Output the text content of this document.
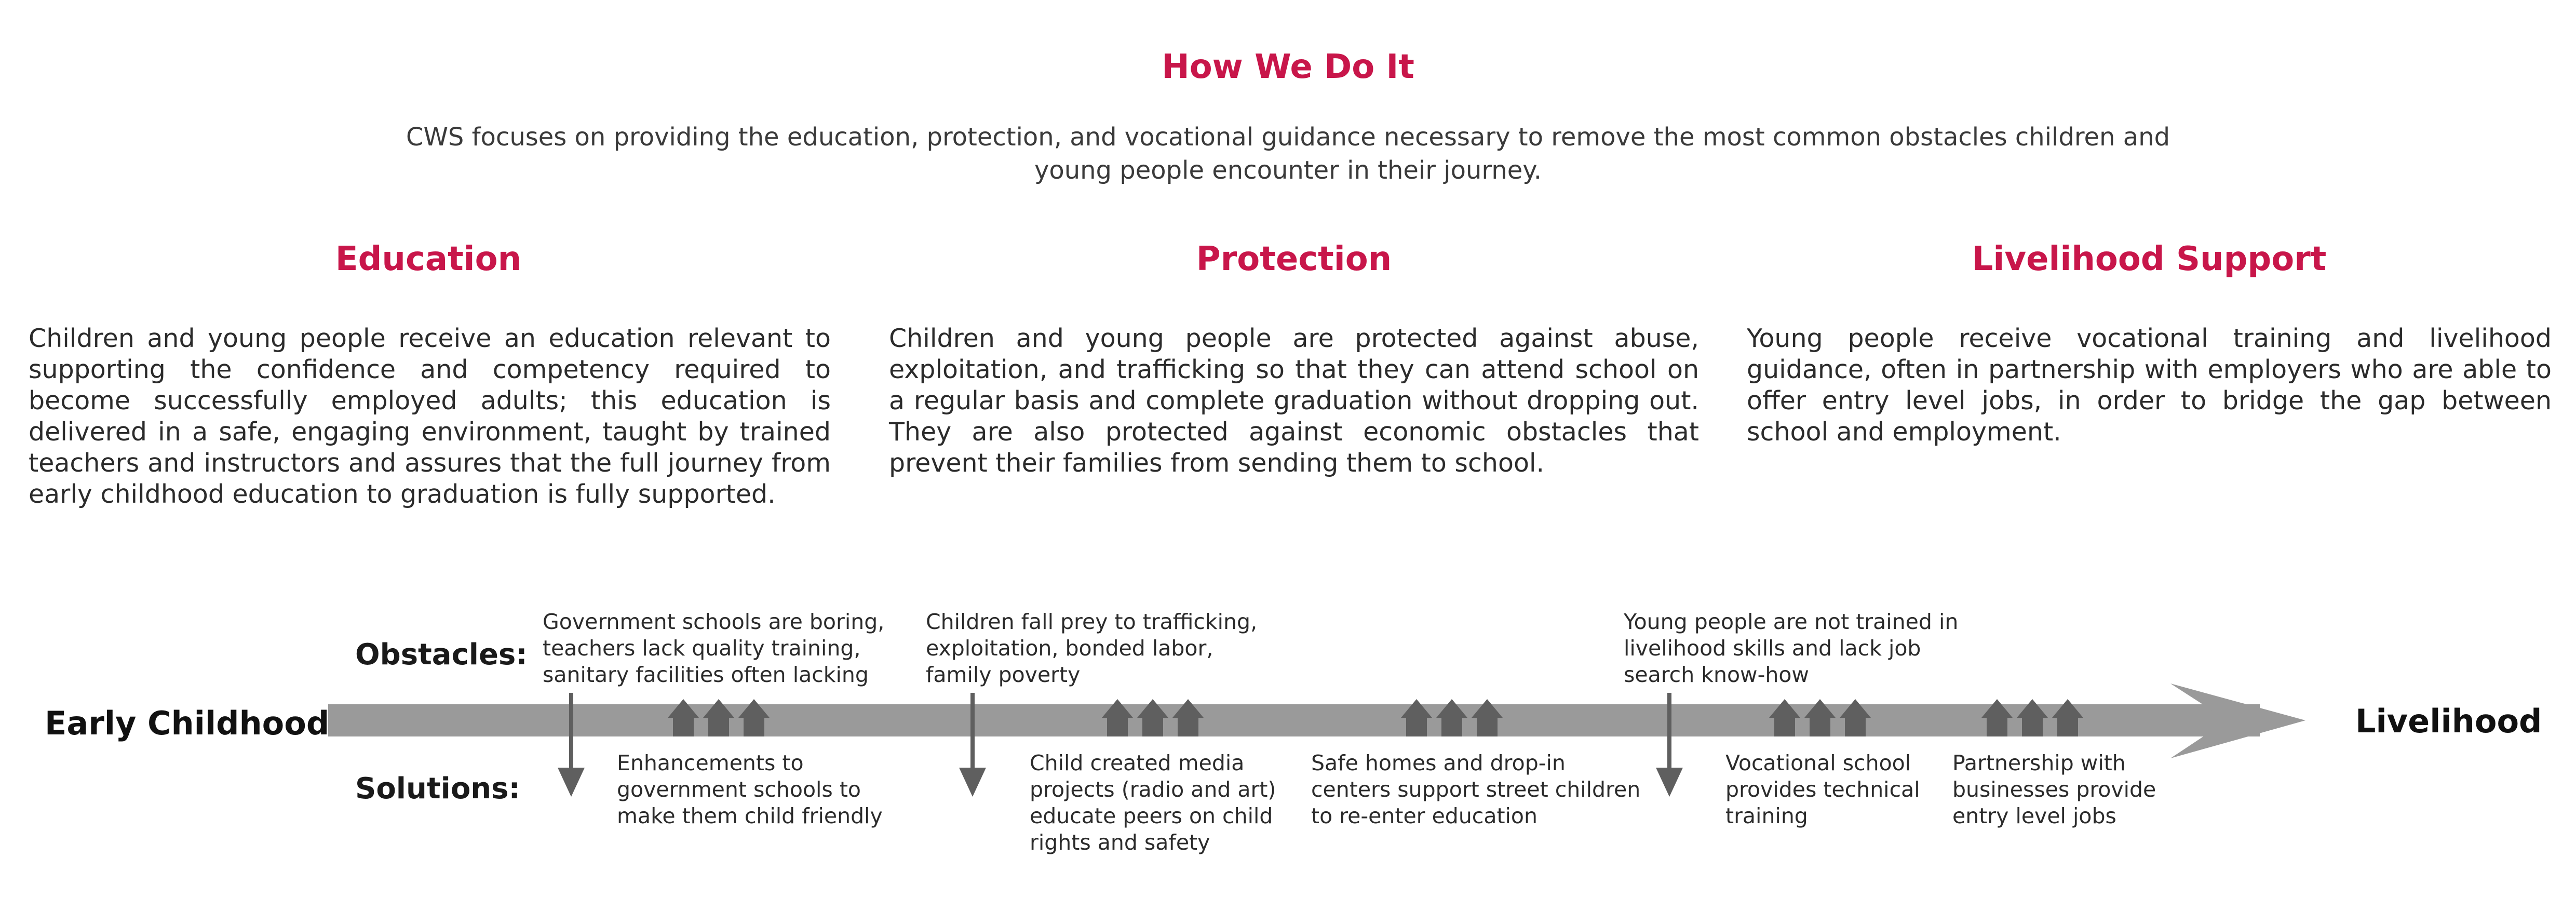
How We Do It
CWS focuses on providing the education, protection, and vocational guidance necessary to remove the most common obstacles children and young people encounter in their journey.
Education	Protection	Livelihood Support
Children and young people receive an education relevant to supporting the confidence and competency required to become successfully employed adults; this education is delivered in a safe, engaging environment, taught by trained teachers and instructors and assures that the full journey from early childhood education to graduation is fully supported.
Children and young people are protected against abuse, exploitation, and trafficking so that they can attend school on a regular basis and complete graduation without dropping out. They are also protected against economic obstacles that prevent their families from sending them to school.
Young people receive vocational training and livelihood guidance, often in partnership with employers who are able to offer entry level jobs, in order to bridge the gap between school and employment.
Obstacles:
Solutions:
Early Childhood	Livelihood
Government schools are boring,
teachers lack quality training,
sanitary facilities often lacking
Children fall prey to trafficking,
exploitation, bonded labor,
family poverty
Young people are not trained in
livelihood skills and lack job
search know-how
Enhancements to
government schools to
make them child friendly
Child created media
projects (radio and art)
educate peers on child
rights and safety
Safe homes and drop-in
centers support street children
to re-enter education
Vocational school
provides technical
training
Partnership with
businesses provide
entry level jobs
